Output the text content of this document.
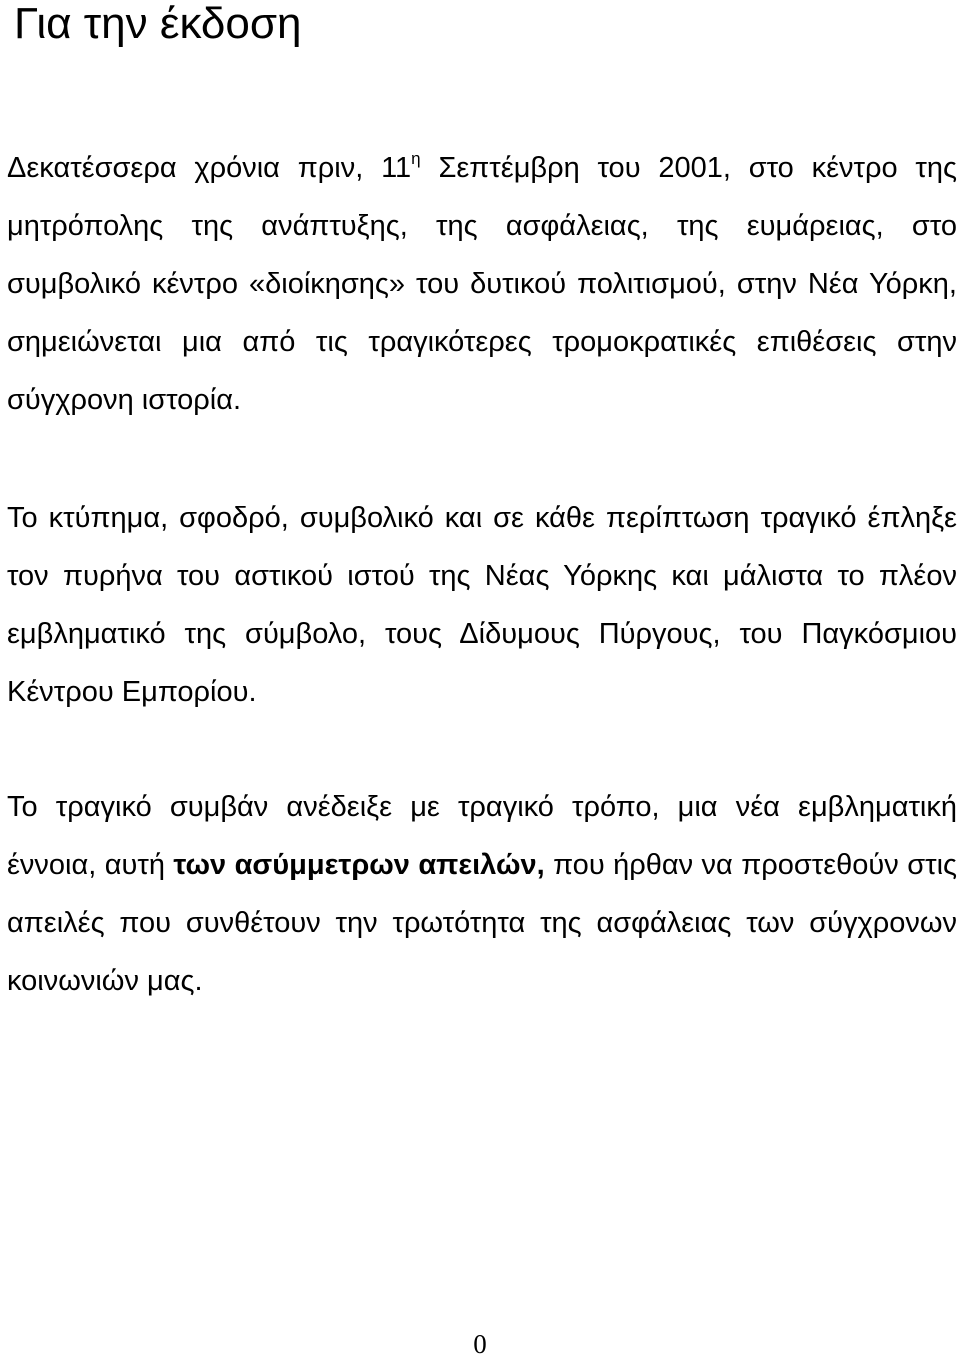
Για την έκδοση

Δεκατέσσερα χρόνια πριν, $11^\eta$ Σεπτέμβρη του 2001, στο κέντρο της μητρόπολης της ανάπτυξης, της ασφάλειας, της ευμάρειας, στο συμβολικό κέντρο «διοίκησης» του δυτικού πολιτισμού, στην Νέα Υόρκη, σημειώνεται μια από τις τραγικότερες τρομοκρατικές επιθέσεις στην σύγχρονη ιστορία.

Το κτύπημα, σφοδρό, συμβολικό και σε κάθε περίπτωση τραγικό έπληξε τον πυρήνα του αστικού ιστού της Νέας Υόρκης και μάλιστα το πλέον εμβληματικό της σύμβολο, τους Δίδυμους Πύργους, του Παγκόσμιου Κέντρου Εμπορίου.

Το τραγικό συμβάν ανέδειξε με τραγικό τρόπο, μια νέα εμβληματική έννοια, αυτή των ασύμμετρων απειλών, που ήρθαν να προστεθούν στις απειλές που συνθέτουν την τρωτότητα της ασφάλειας των σύγχρονων κοινωνιών μας.

0
